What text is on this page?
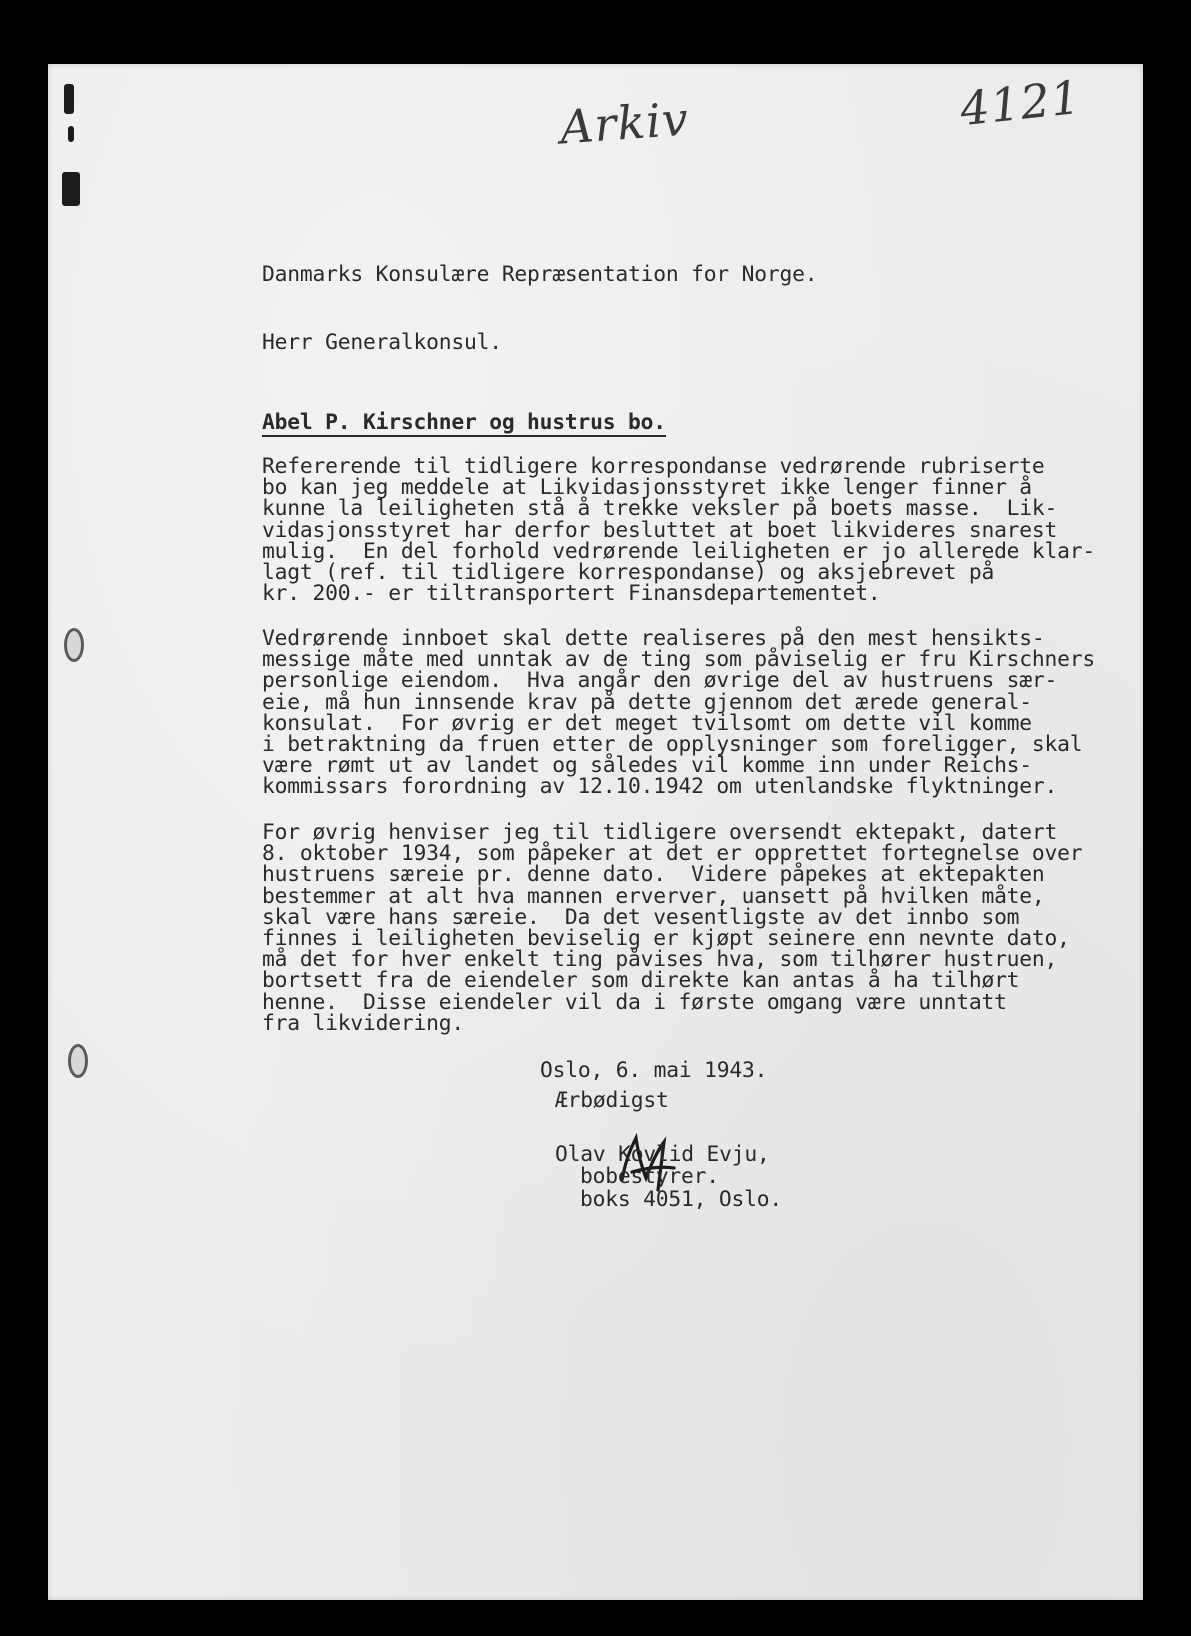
Arkiv	4121
Danmarks Konsulære Repræsentation for Norge.
Herr Generalkonsul.
Abel P. Kirschner og hustrus bo.
Refererende til tidligere korrespondanse vedrørende rubriserte
bo kan jeg meddele at Likvidasjonsstyret ikke lenger finner å
kunne la leiligheten stå å trekke veksler på boets masse.  Lik-
vidasjonsstyret har derfor besluttet at boet likvideres snarest
mulig.  En del forhold vedrørende leiligheten er jo allerede klar-
lagt (ref. til tidligere korrespondanse) og aksjebrevet på
kr. 200.- er tiltransportert Finansdepartementet.
Vedrørende innboet skal dette realiseres på den mest hensikts-
messige måte med unntak av de ting som påviselig er fru Kirschners
personlige eiendom.  Hva angår den øvrige del av hustruens sær-
eie, må hun innsende krav på dette gjennom det ærede general-
konsulat.  For øvrig er det meget tvilsomt om dette vil komme
i betraktning da fruen etter de opplysninger som foreligger, skal
være rømt ut av landet og således vil komme inn under Reichs-
kommissars forordning av 12.10.1942 om utenlandske flyktninger.
For øvrig henviser jeg til tidligere oversendt ektepakt, datert
8. oktober 1934, som påpeker at det er opprettet fortegnelse over
hustruens særeie pr. denne dato.  Videre påpekes at ektepakten
bestemmer at alt hva mannen erverver, uansett på hvilken måte,
skal være hans særeie.  Da det vesentligste av det innbo som
finnes i leiligheten beviselig er kjøpt seinere enn nevnte dato,
må det for hver enkelt ting påvises hva, som tilhører hustruen,
bortsett fra de eiendeler som direkte kan antas å ha tilhørt
henne.  Disse eiendeler vil da i første omgang være unntatt
fra likvidering.
Oslo, 6. mai 1943.
Ærbødigst
Olav Kovlid Evju,
bobestyrer.
boks 4051, Oslo.
